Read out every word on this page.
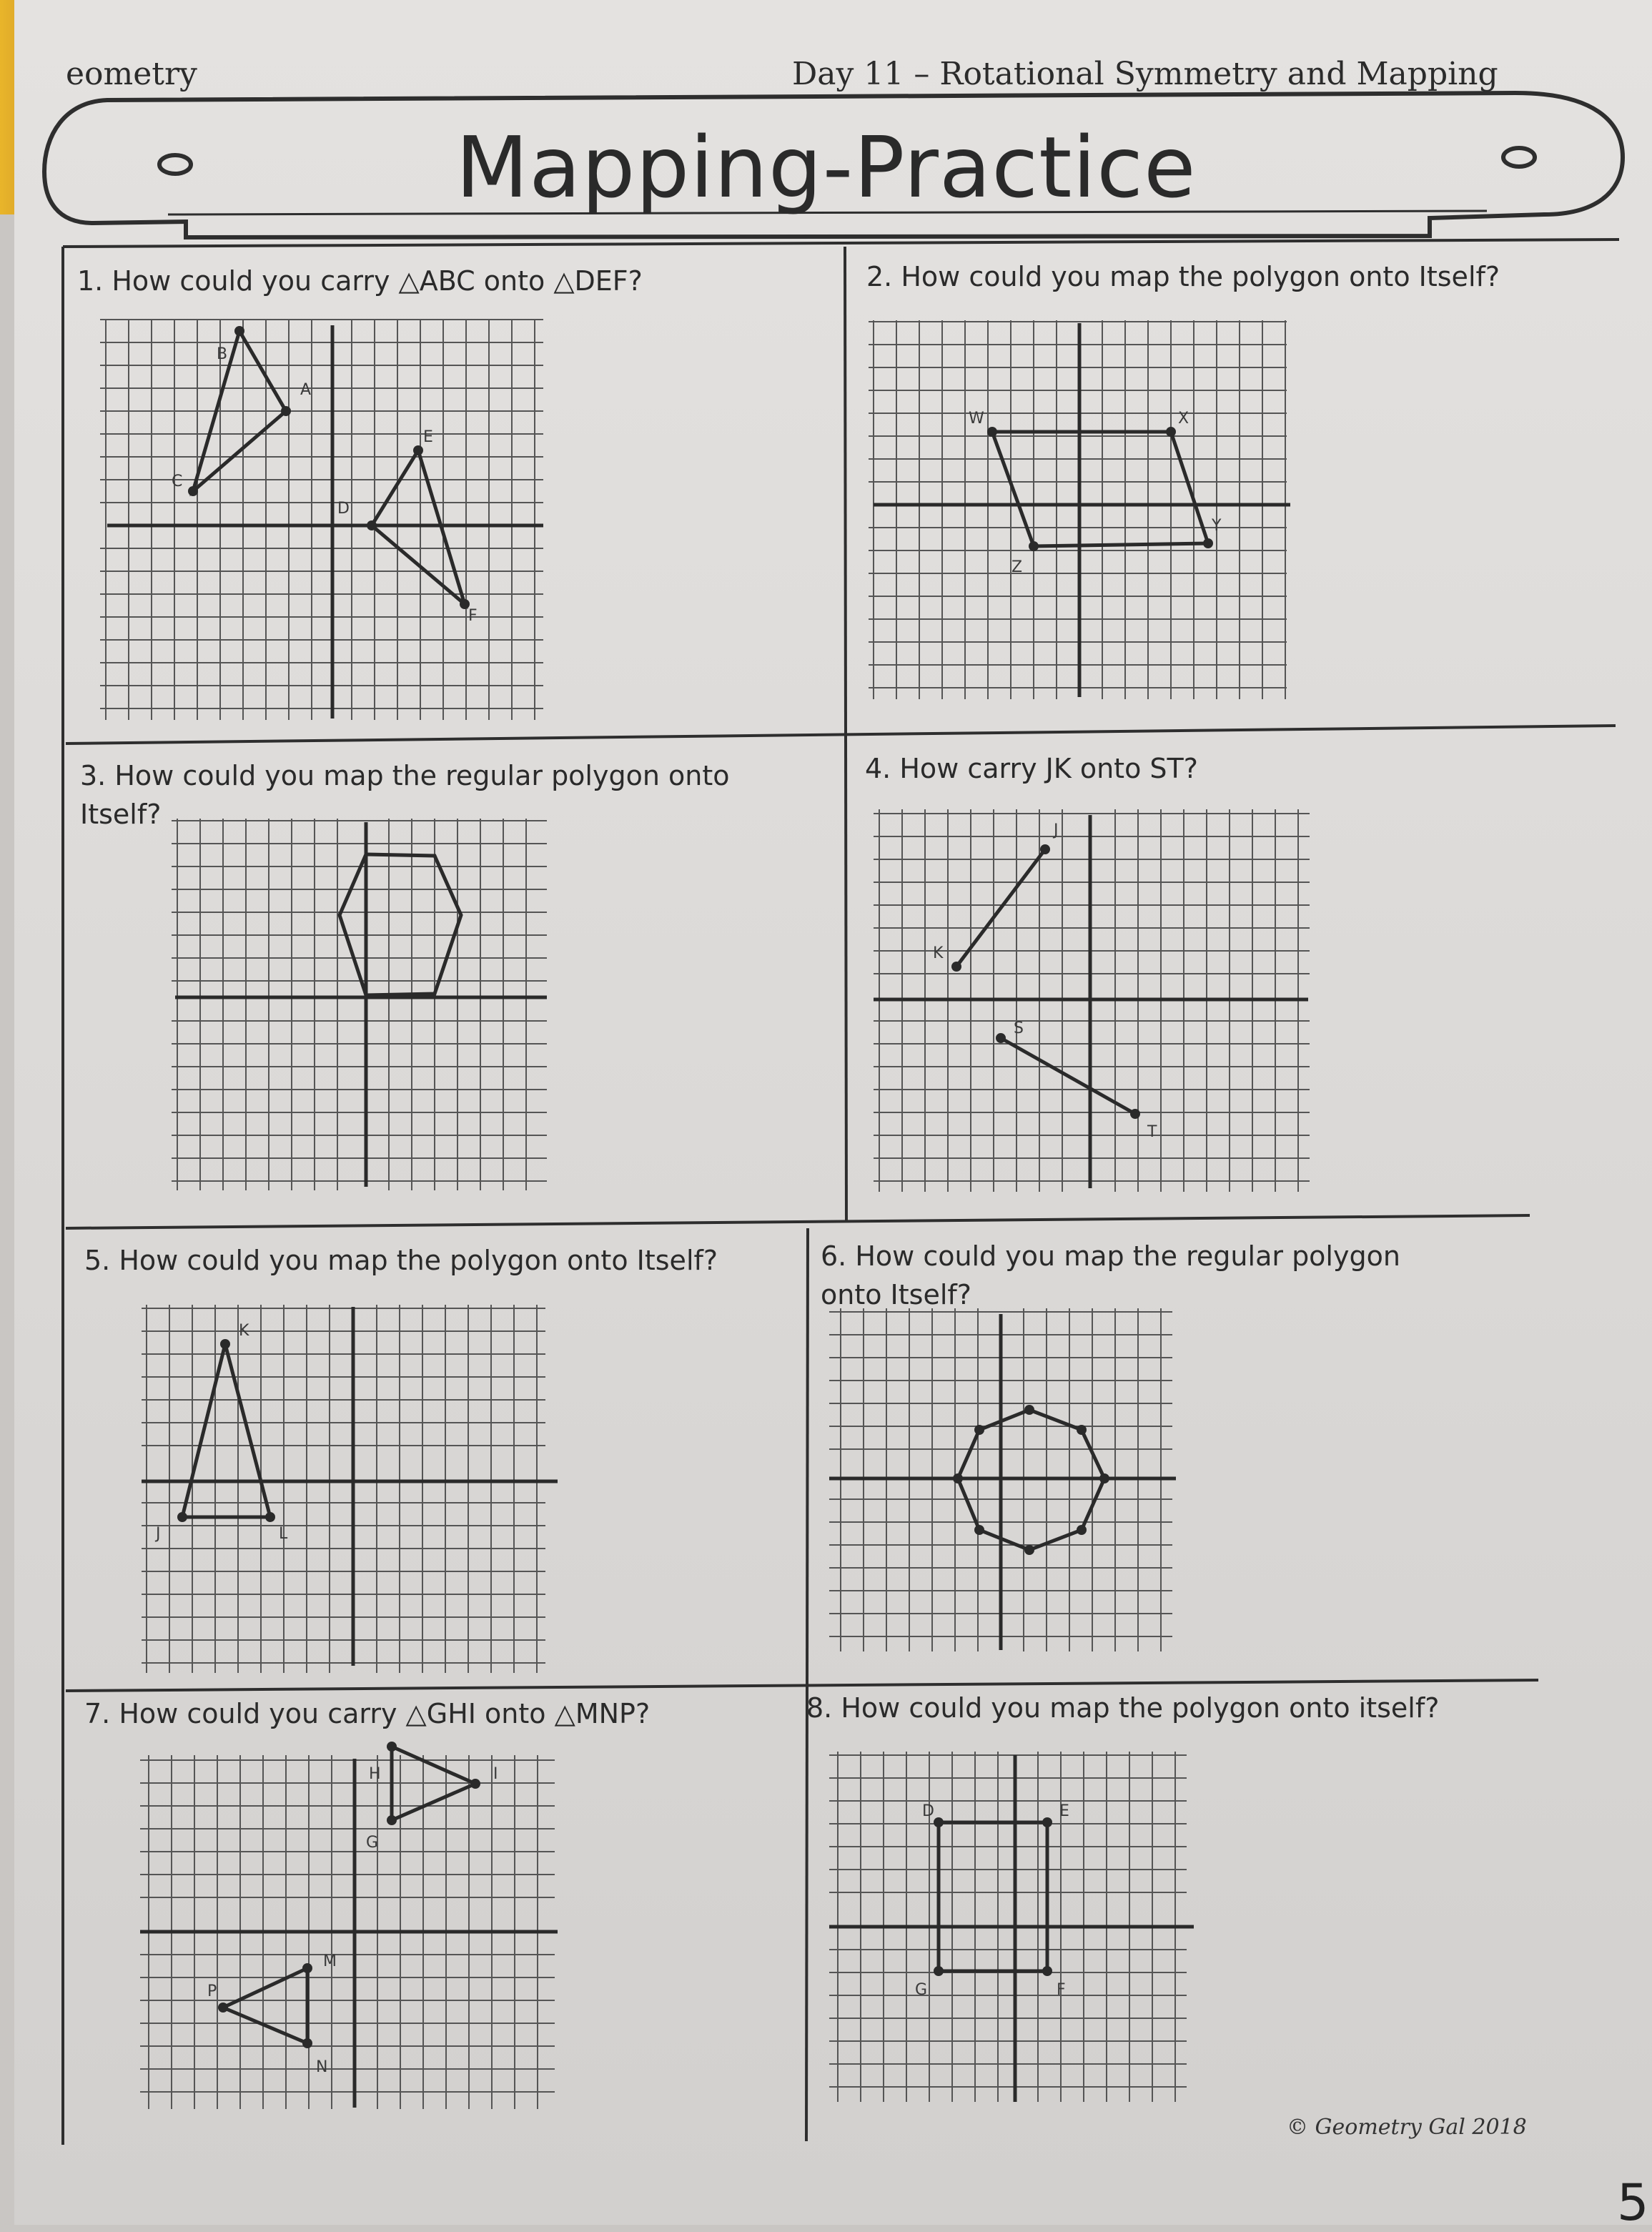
eometry	Day 11 – Rotational Symmetry and Mapping
Mapping-Practice
1. How could you carry △ABC onto △DEF?	2. How could you map the polygon onto Itself?
3. How could you map the regular polygon onto Itself?
4. How carry JK onto ST?
5. How could you map the polygon onto Itself?	6. How could you map the regular polygon onto Itself?
7. How could you carry △GHI onto △MNP?	8. How could you map the polygon onto itself?
B
A
C
E
D
F
W	X
Y
Z
J
K
S
T
K
J	L
H	I
G
M
P
N
D	E
G	F
© Geometry Gal 2018
5
